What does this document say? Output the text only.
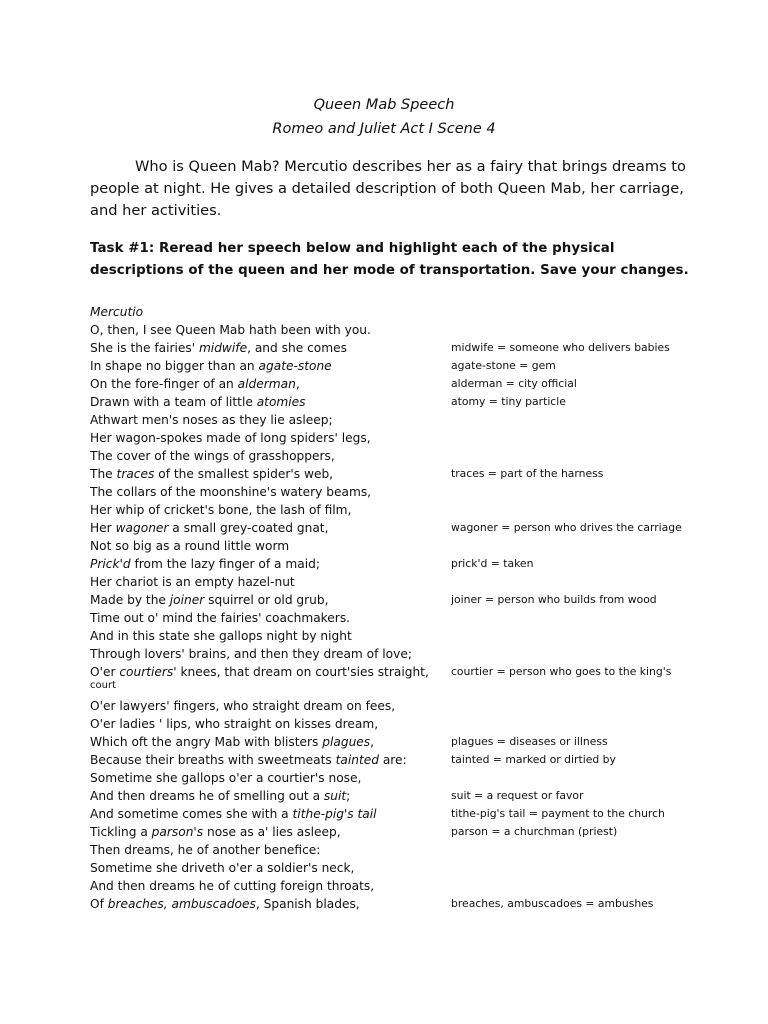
Queen Mab Speech
Romeo and Juliet Act I Scene 4
Who is Queen Mab? Mercutio describes her as a fairy that brings dreams to
people at night. He gives a detailed description of both Queen Mab, her carriage,
and her activities.
Task #1: Reread her speech below and highlight each of the physical
descriptions of the queen and her mode of transportation. Save your changes.
Mercutio
O, then, I see Queen Mab hath been with you.
She is the fairies' midwife, and she comes	midwife = someone who delivers babies
In shape no bigger than an agate-stone	agate-stone = gem
On the fore-finger of an alderman,	alderman = city official
Drawn with a team of little atomies	atomy = tiny particle
Athwart men's noses as they lie asleep;
Her wagon-spokes made of long spiders' legs,
The cover of the wings of grasshoppers,
The traces of the smallest spider's web,	traces = part of the harness
The collars of the moonshine's watery beams,
Her whip of cricket's bone, the lash of film,
Her wagoner a small grey-coated gnat,	wagoner = person who drives the carriage
Not so big as a round little worm
Prick'd from the lazy finger of a maid;	prick'd = taken
Her chariot is an empty hazel-nut
Made by the joiner squirrel or old grub,	joiner = person who builds from wood
Time out o' mind the fairies' coachmakers.
And in this state she gallops night by night
Through lovers' brains, and then they dream of love;
O'er courtiers' knees, that dream on court'sies straight,	courtier = person who goes to the king's
court
O'er lawyers' fingers, who straight dream on fees,
O'er ladies ' lips, who straight on kisses dream,
Which oft the angry Mab with blisters plagues,	plagues = diseases or illness
Because their breaths with sweetmeats tainted are:	tainted = marked or dirtied by
Sometime she gallops o'er a courtier's nose,
And then dreams he of smelling out a suit;	suit = a request or favor
And sometime comes she with a tithe-pig's tail	tithe-pig's tail = payment to the church
Tickling a parson's nose as a' lies asleep,	parson = a churchman (priest)
Then dreams, he of another benefice:
Sometime she driveth o'er a soldier's neck,
And then dreams he of cutting foreign throats,
Of breaches, ambuscadoes, Spanish blades,	breaches, ambuscadoes = ambushes
